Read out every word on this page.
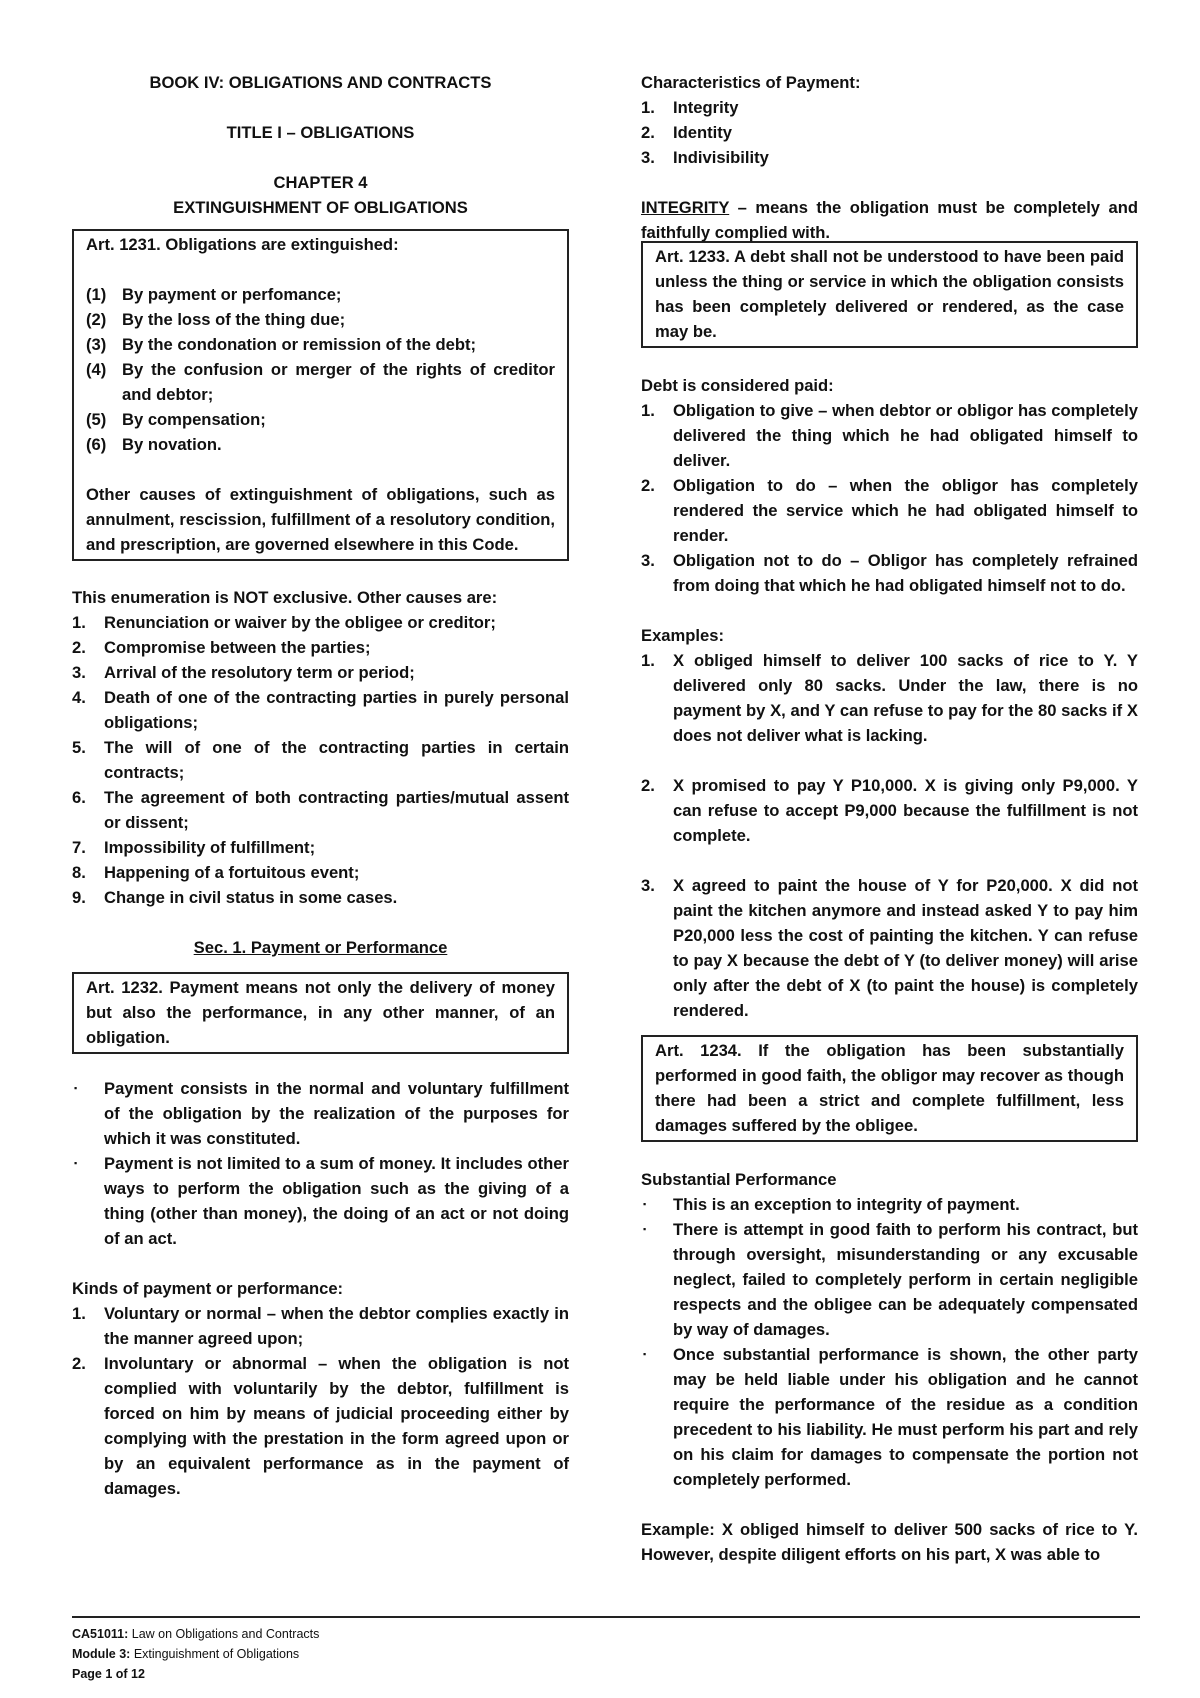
BOOK IV: OBLIGATIONS AND CONTRACTS

TITLE I – OBLIGATIONS

CHAPTER 4

EXTINGUISHMENT OF OBLIGATIONS

Art. 1231. Obligations are extinguished:

(1) By payment or perfomance;
(2) By the loss of the thing due;
(3) By the condonation or remission of the debt;
(4) By the confusion or merger of the rights of creditor and debtor;
(5) By compensation;
(6) By novation.

Other causes of extinguishment of obligations, such as annulment, rescission, fulfillment of a resolutory condition, and prescription, are governed elsewhere in this Code.

This enumeration is NOT exclusive. Other causes are:

1.	Renunciation or waiver by the obligee or creditor;
2.	Compromise between the parties;
3.	Arrival of the resolutory term or period;
4.	Death of one of the contracting parties in purely personal obligations;
5.	The will of one of the contracting parties in certain contracts;
6.	The agreement of both contracting parties/mutual assent or dissent;
7.	Impossibility of fulfillment;
8.	Happening of a fortuitous event;
9.	Change in civil status in some cases.

Sec. 1. Payment or Performance

Art. 1232. Payment means not only the delivery of money but also the performance, in any other manner, of an obligation.

▪	Payment consists in the normal and voluntary fulfillment of the obligation by the realization of the purposes for which it was constituted.
▪	Payment is not limited to a sum of money. It includes other ways to perform the obligation such as the giving of a thing (other than money), the doing of an act or not doing of an act.

Kinds of payment or performance:

1.	Voluntary or normal – when the debtor complies exactly in the manner agreed upon;
2.	Involuntary or abnormal – when the obligation is not complied with voluntarily by the debtor, fulfillment is forced on him by means of judicial proceeding either by complying with the prestation in the form agreed upon or by an equivalent performance as in the payment of damages.

Characteristics of Payment:

1.	Integrity
2.	Identity
3.	Indivisibility

INTEGRITY – means the obligation must be completely and faithfully complied with.

Art. 1233. A debt shall not be understood to have been paid unless the thing or service in which the obligation consists has been completely delivered or rendered, as the case may be.

Debt is considered paid:

1.	Obligation to give – when debtor or obligor has completely delivered the thing which he had obligated himself to deliver.
2.	Obligation to do – when the obligor has completely rendered the service which he had obligated himself to render.
3.	Obligation not to do – Obligor has completely refrained from doing that which he had obligated himself not to do.

Examples:

1.	X obliged himself to deliver 100 sacks of rice to Y. Y delivered only 80 sacks. Under the law, there is no payment by X, and Y can refuse to pay for the 80 sacks if X does not deliver what is lacking.
2.	X promised to pay Y P10,000. X is giving only P9,000. Y can refuse to accept P9,000 because the fulfillment is not complete.
3.	X agreed to paint the house of Y for P20,000. X did not paint the kitchen anymore and instead asked Y to pay him P20,000 less the cost of painting the kitchen. Y can refuse to pay X because the debt of Y (to deliver money) will arise only after the debt of X (to paint the house) is completely rendered.

Art. 1234. If the obligation has been substantially performed in good faith, the obligor may recover as though there had been a strict and complete fulfillment, less damages suffered by the obligee.

Substantial Performance

▪	This is an exception to integrity of payment.
▪	There is attempt in good faith to perform his contract, but through oversight, misunderstanding or any excusable neglect, failed to completely perform in certain negligible respects and the obligee can be adequately compensated by way of damages.
▪	Once substantial performance is shown, the other party may be held liable under his obligation and he cannot require the performance of the residue as a condition precedent to his liability. He must perform his part and rely on his claim for damages to compensate the portion not completely performed.

Example: X obliged himself to deliver 500 sacks of rice to Y. However, despite diligent efforts on his part, X was able to

CA51011: Law on Obligations and Contracts

Module 3: Extinguishment of Obligations

Page 1 of 12
